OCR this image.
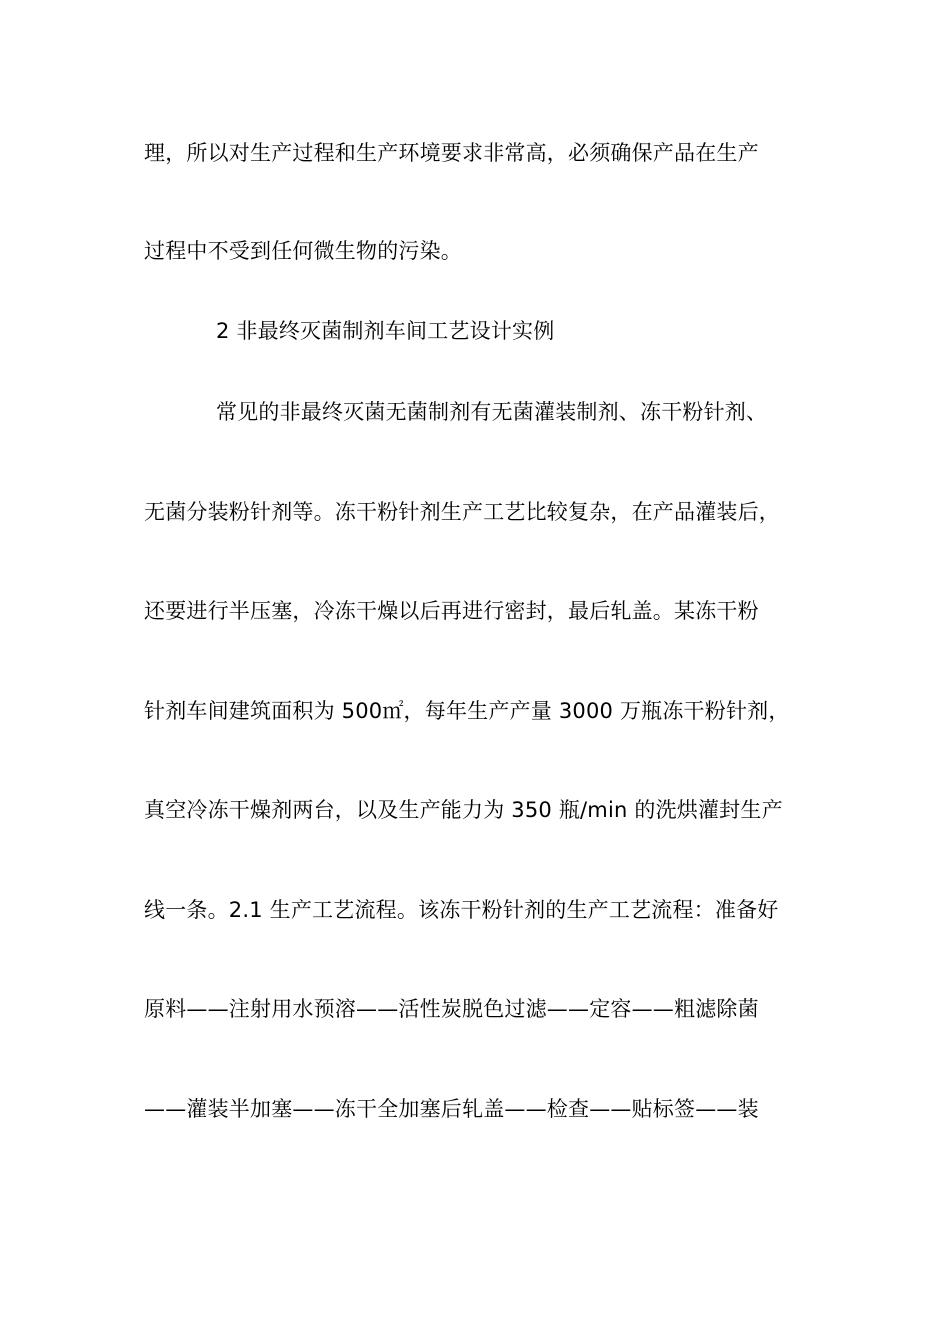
理，所以对生产过程和生产环境要求非常高，必须确保产品在生产
过程中不受到任何微生物的污染。
2 非最终灭菌制剂车间工艺设计实例
常见的非最终灭菌无菌制剂有无菌灌装制剂、冻干粉针剂、
无菌分装粉针剂等。冻干粉针剂生产工艺比较复杂，在产品灌装后，
还要进行半压塞，冷冻干燥以后再进行密封，最后轧盖。某冻干粉
针剂车间建筑面积为 500㎡，每年生产产量 3000 万瓶冻干粉针剂，
真空冷冻干燥剂两台，以及生产能力为 350 瓶/min 的洗烘灌封生产
线一条。2.1 生产工艺流程。该冻干粉针剂的生产工艺流程：准备好
原料——注射用水预溶——活性炭脱色过滤——定容——粗滤除菌
——灌装半加塞——冻干全加塞后轧盖——检查——贴标签——装
